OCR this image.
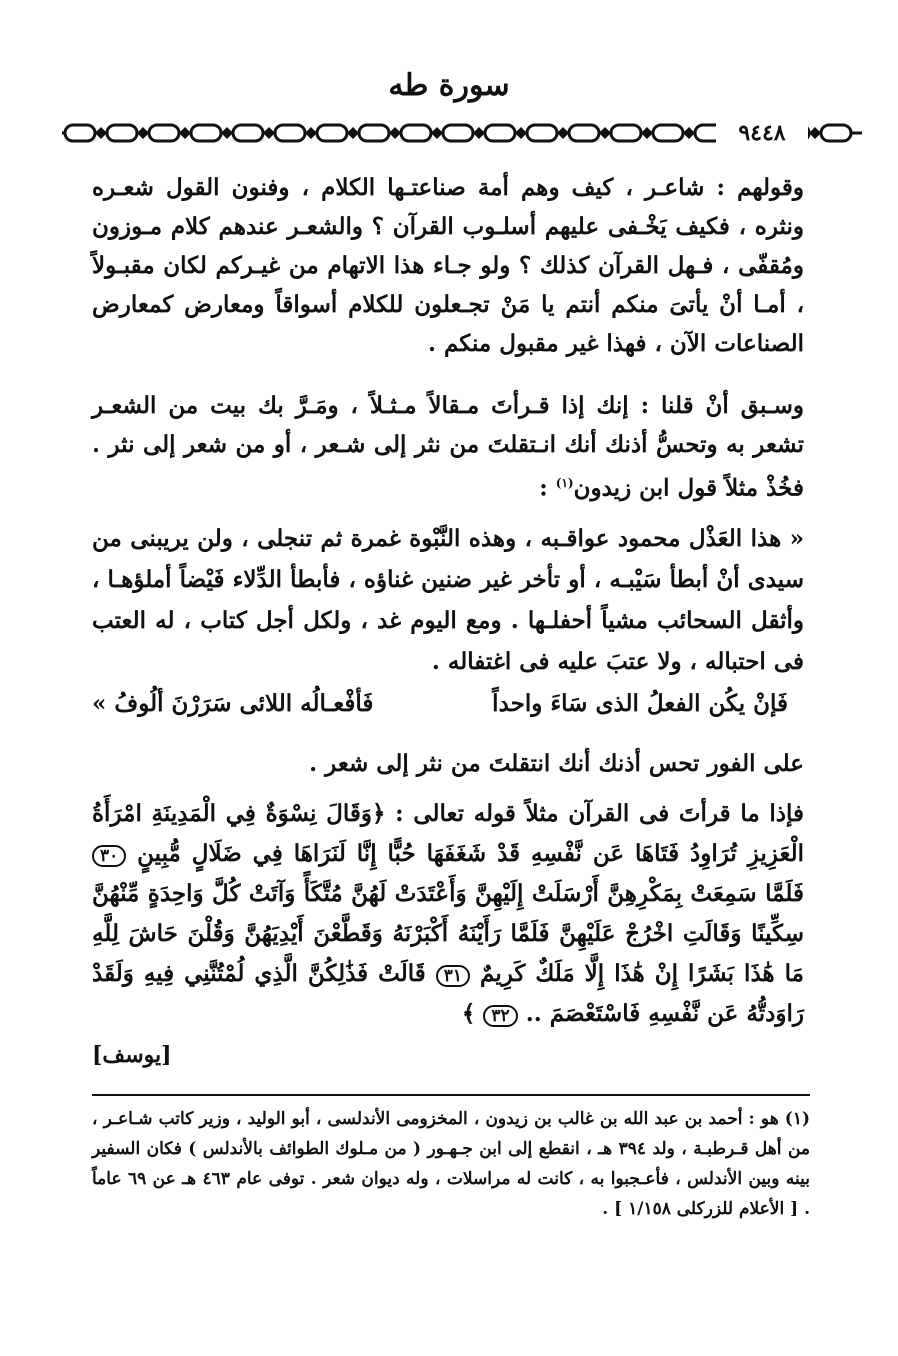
سورة طه
٩٤٤٨

وقولهم : شاعـر ، كيف وهم أمة صناعتـها الكلام ، وفنون القول شعـره ونثره ، فكيف يَخْـفى عليهم أسلـوب القرآن ؟ والشعـر عندهم كلام مـوزون ومُقفّى ، فـهل القرآن كذلك ؟ ولو جـاء هذا الاتهام من غيـركم لكان مقبـولاً ، أمـا أنْ يأتىَ منكم أنتم يا مَنْ تجـعلون للكلام أسواقاً ومعارض كمعارض الصناعات الآن ، فهذا غير مقبول منكم .

وسـبق أنْ قلنا : إنك إذا قـرأتَ مـقالاً مـثـلاً ، ومَـرَّ بك بيت من الشعـر تشعر به وتحسُّ أذنك أنك انـتقلتَ من نثر إلى شـعر ، أو من شعر إلى نثر . فخُذْ مثلاً قول ابن زيدون$^{(١)}$ :

« هذا العَذْل محمود عواقـبه ، وهذه النَّبْوة غمرة ثم تنجلى ، ولن يريبنى من سيدى أنْ أبطأ سَيْبـه ، أو تأخر غير ضنين غناؤه ، فأبطأ الدِّلاء فَيْضاً أملؤهـا ، وأثقل السحائب مشياً أحفلـها . ومع اليوم غد ، ولكل أجل كتاب ، له العتب فى احتباله ، ولا عتبَ عليه فى اغتفاله .

فَإنْ يكُن الفعلُ الذى سَاءَ واحداً
فَأفْعـالُه اللائى سَرَرْنَ ألُوفُ »

على الفور تحس أذنك أنك انتقلتَ من نثر إلى شعر .

فإذا ما قرأتَ فى القرآن مثلاً قوله تعالى : ﴿وَقَالَ نِسْوَةٌ فِي الْمَدِينَةِ امْرَأَةُ الْعَزِيزِ تُرَاوِدُ فَتَاهَا عَن نَّفْسِهِ قَدْ شَغَفَهَا حُبًّا إِنَّا لَنَرَاهَا فِي ضَلَالٍ مُّبِينٍ ٣٠ فَلَمَّا سَمِعَتْ بِمَكْرِهِنَّ أَرْسَلَتْ إِلَيْهِنَّ وَأَعْتَدَتْ لَهُنَّ مُتَّكَأً وَآتَتْ كُلَّ وَاحِدَةٍ مِّنْهُنَّ سِكِّينًا وَقَالَتِ اخْرُجْ عَلَيْهِنَّ فَلَمَّا رَأَيْنَهُ أَكْبَرْنَهُ وَقَطَّعْنَ أَيْدِيَهُنَّ وَقُلْنَ حَاشَ لِلَّهِ مَا هَٰذَا بَشَرًا إِنْ هَٰذَا إِلَّا مَلَكٌ كَرِيمٌ ٣١ قَالَتْ فَذَٰلِكُنَّ الَّذِي لُمْتُنَّنِي فِيهِ وَلَقَدْ رَاوَدتُّهُ عَن نَّفْسِهِ فَاسْتَعْصَمَ .. ٣٢ ﴾

[يوسف]
(١) هو : أحمد بن عبد الله بن غالب بن زيدون ، المخزومى الأندلسى ، أبو الوليد ، وزير كاتب شـاعـر ، من أهل قـرطبـة ، ولد ٣٩٤ هـ ، انقطع إلى ابن جـهـور ( من مـلوك الطوائف بالأندلس ) فكان السفير بينه وبين الأندلس ، فأعـجبوا به ، كانت له مراسلات ، وله ديوان شعر . توفى عام ٤٦٣ هـ عن ٦٩ عاماً . [ الأعلام للزركلى ١/١٥٨ ] .
